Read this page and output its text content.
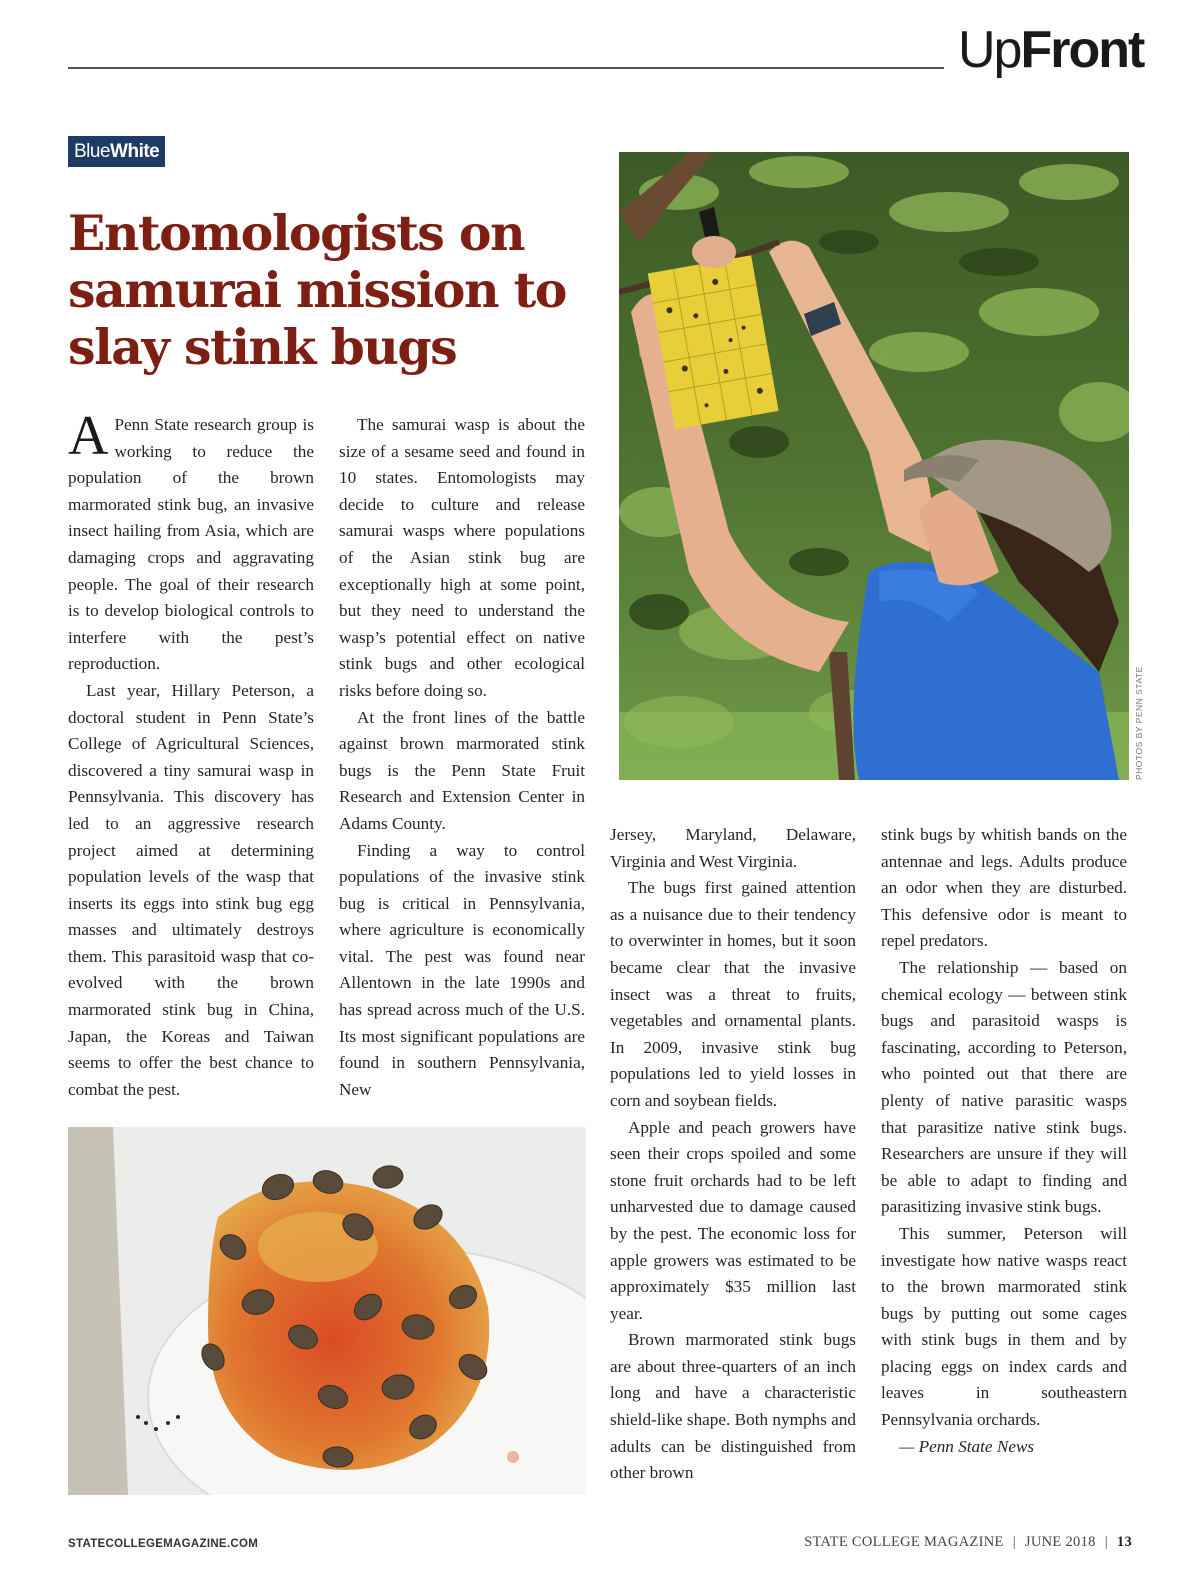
UpFront
BlueWhite
Entomologists on samurai mission to slay stink bugs

A Penn State research group is working to reduce the population of the brown marmorated stink bug, an invasive insect hailing from Asia, which are damaging crops and aggravating people. The goal of their research is to develop biological controls to interfere with the pest’s reproduction.

Last year, Hillary Peterson, a doctoral student in Penn State’s College of Agricultural Sciences, discovered a tiny samurai wasp in Pennsylvania. This discovery has led to an aggressive research project aimed at determining population levels of the wasp that inserts its eggs into stink bug egg masses and ultimately destroys them. This parasitoid wasp that co-evolved with the brown marmorated stink bug in China, Japan, the Koreas and Taiwan seems to offer the best chance to combat the pest.

The samurai wasp is about the size of a sesame seed and found in 10 states. Entomologists may decide to culture and release samurai wasps where populations of the Asian stink bug are exceptionally high at some point, but they need to understand the wasp’s potential effect on native stink bugs and other ecological risks before doing so.

At the front lines of the battle against brown marmorated stink bugs is the Penn State Fruit Research and Extension Center in Adams County.

Finding a way to control populations of the invasive stink bug is critical in Pennsylvania, where agriculture is economically vital. The pest was found near Allentown in the late 1990s and has spread across much of the U.S. Its most significant populations are found in southern Pennsylvania, New

Jersey, Maryland, Delaware, Virginia and West Virginia.

The bugs first gained attention as a nuisance due to their tendency to overwinter in homes, but it soon became clear that the invasive insect was a threat to fruits, vegetables and ornamental plants. In 2009, invasive stink bug populations led to yield losses in corn and soybean fields.

Apple and peach growers have seen their crops spoiled and some stone fruit orchards had to be left unharvested due to damage caused by the pest. The economic loss for apple growers was estimated to be approximately $35 million last year.

Brown marmorated stink bugs are about three-quarters of an inch long and have a characteristic shield-like shape. Both nymphs and adults can be distinguished from other brown

stink bugs by whitish bands on the antennae and legs. Adults produce an odor when they are disturbed. This defensive odor is meant to repel predators.

The relationship — based on chemical ecology — between stink bugs and parasitoid wasps is fascinating, according to Peterson, who pointed out that there are plenty of native parasitic wasps that parasitize native stink bugs. Researchers are unsure if they will be able to adapt to finding and parasitizing invasive stink bugs.

This summer, Peterson will investigate how native wasps react to the brown marmorated stink bugs by putting out some cages with stink bugs in them and by placing eggs on index cards and leaves in southeastern Pennsylvania orchards.

— Penn State News

PHOTOS BY PENN STATE
STATECOLLEGEMAGAZINE.COM	STATE COLLEGE MAGAZINE | JUNE 2018 | 13
